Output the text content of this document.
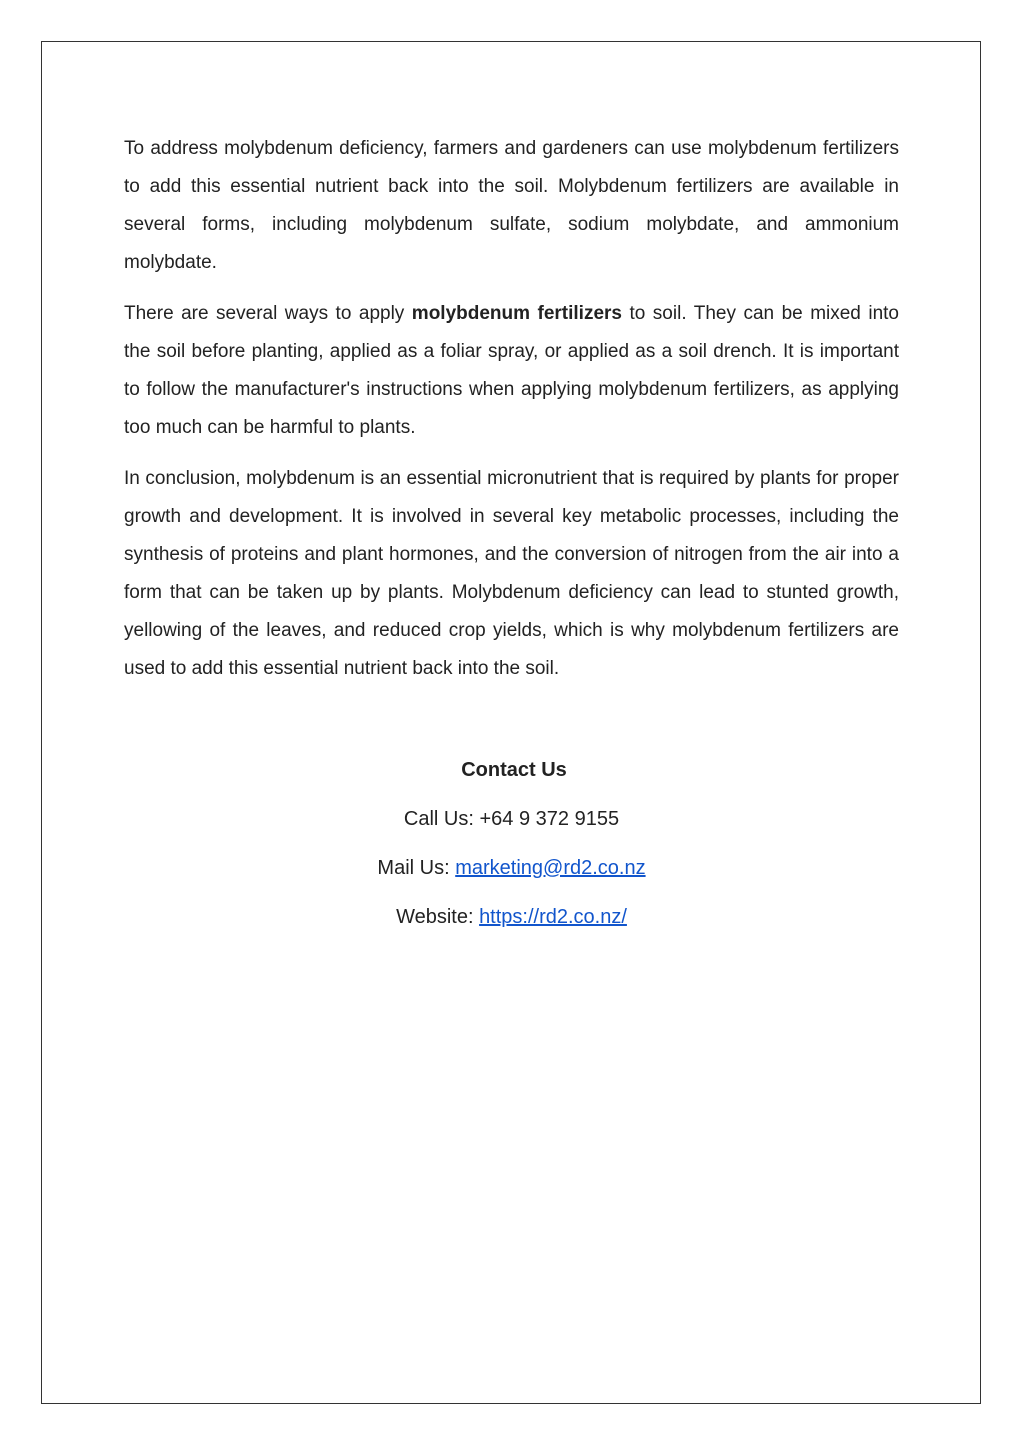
To address molybdenum deficiency, farmers and gardeners can use molybdenum fertilizers to add this essential nutrient back into the soil. Molybdenum fertilizers are available in several forms, including molybdenum sulfate, sodium molybdate, and ammonium molybdate.

There are several ways to apply molybdenum fertilizers to soil. They can be mixed into the soil before planting, applied as a foliar spray, or applied as a soil drench. It is important to follow the manufacturer's instructions when applying molybdenum fertilizers, as applying too much can be harmful to plants.

In conclusion, molybdenum is an essential micronutrient that is required by plants for proper growth and development. It is involved in several key metabolic processes, including the synthesis of proteins and plant hormones, and the conversion of nitrogen from the air into a form that can be taken up by plants. Molybdenum deficiency can lead to stunted growth, yellowing of the leaves, and reduced crop yields, which is why molybdenum fertilizers are used to add this essential nutrient back into the soil.

Contact Us
Call Us: +64 9 372 9155
Mail Us: marketing@rd2.co.nz
Website: https://rd2.co.nz/
